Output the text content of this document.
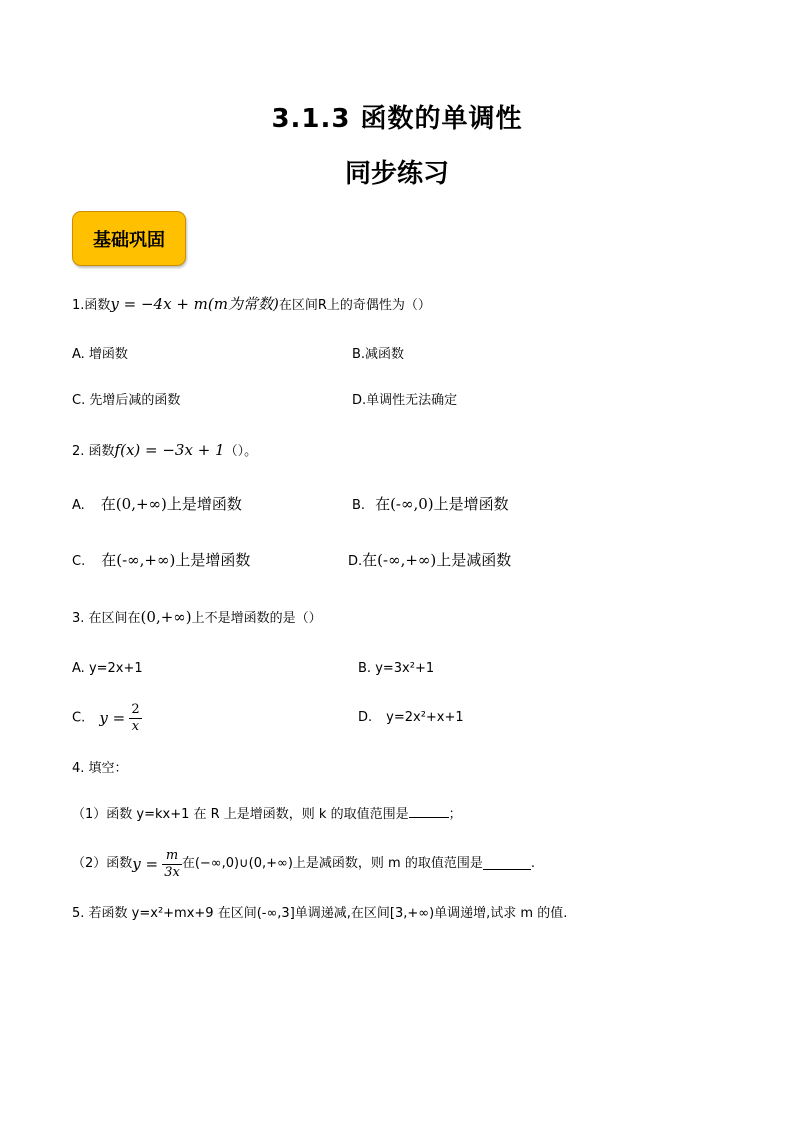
3.1.3 函数的单调性
同步练习
基础巩固
1.函数y = −4x + m(m为常数)在区间R上的奇偶性为（）
A. 增函数	B.减函数
C. 先增后减的函数	D.单调性无法确定
2. 函数f(x) = −3x + 1（）。
A. 在(0,+∞)上是增函数	B. 在(-∞,0)上是增函数
C. 在(-∞,+∞)上是增函数	D.在(-∞,+∞)上是减函数
3. 在区间在(0,+∞)上不是增函数的是（）
A. y=2x+1	B. y=3x²+1
C. $y = \frac{2}{x}$	D. y=2x²+x+1
4. 填空：
（1）函数 y=kx+1 在 R 上是增函数，则 k 的取值范围是	；
（2）函数$y = \frac{m}{3x}$ 在(−∞,0)∪(0,+∞)上是减函数，则 m 的取值范围是	.
5. 若函数 y=x²+mx+9 在区间(-∞,3]单调递减,在区间[3,+∞)单调递增,试求 m 的值.
